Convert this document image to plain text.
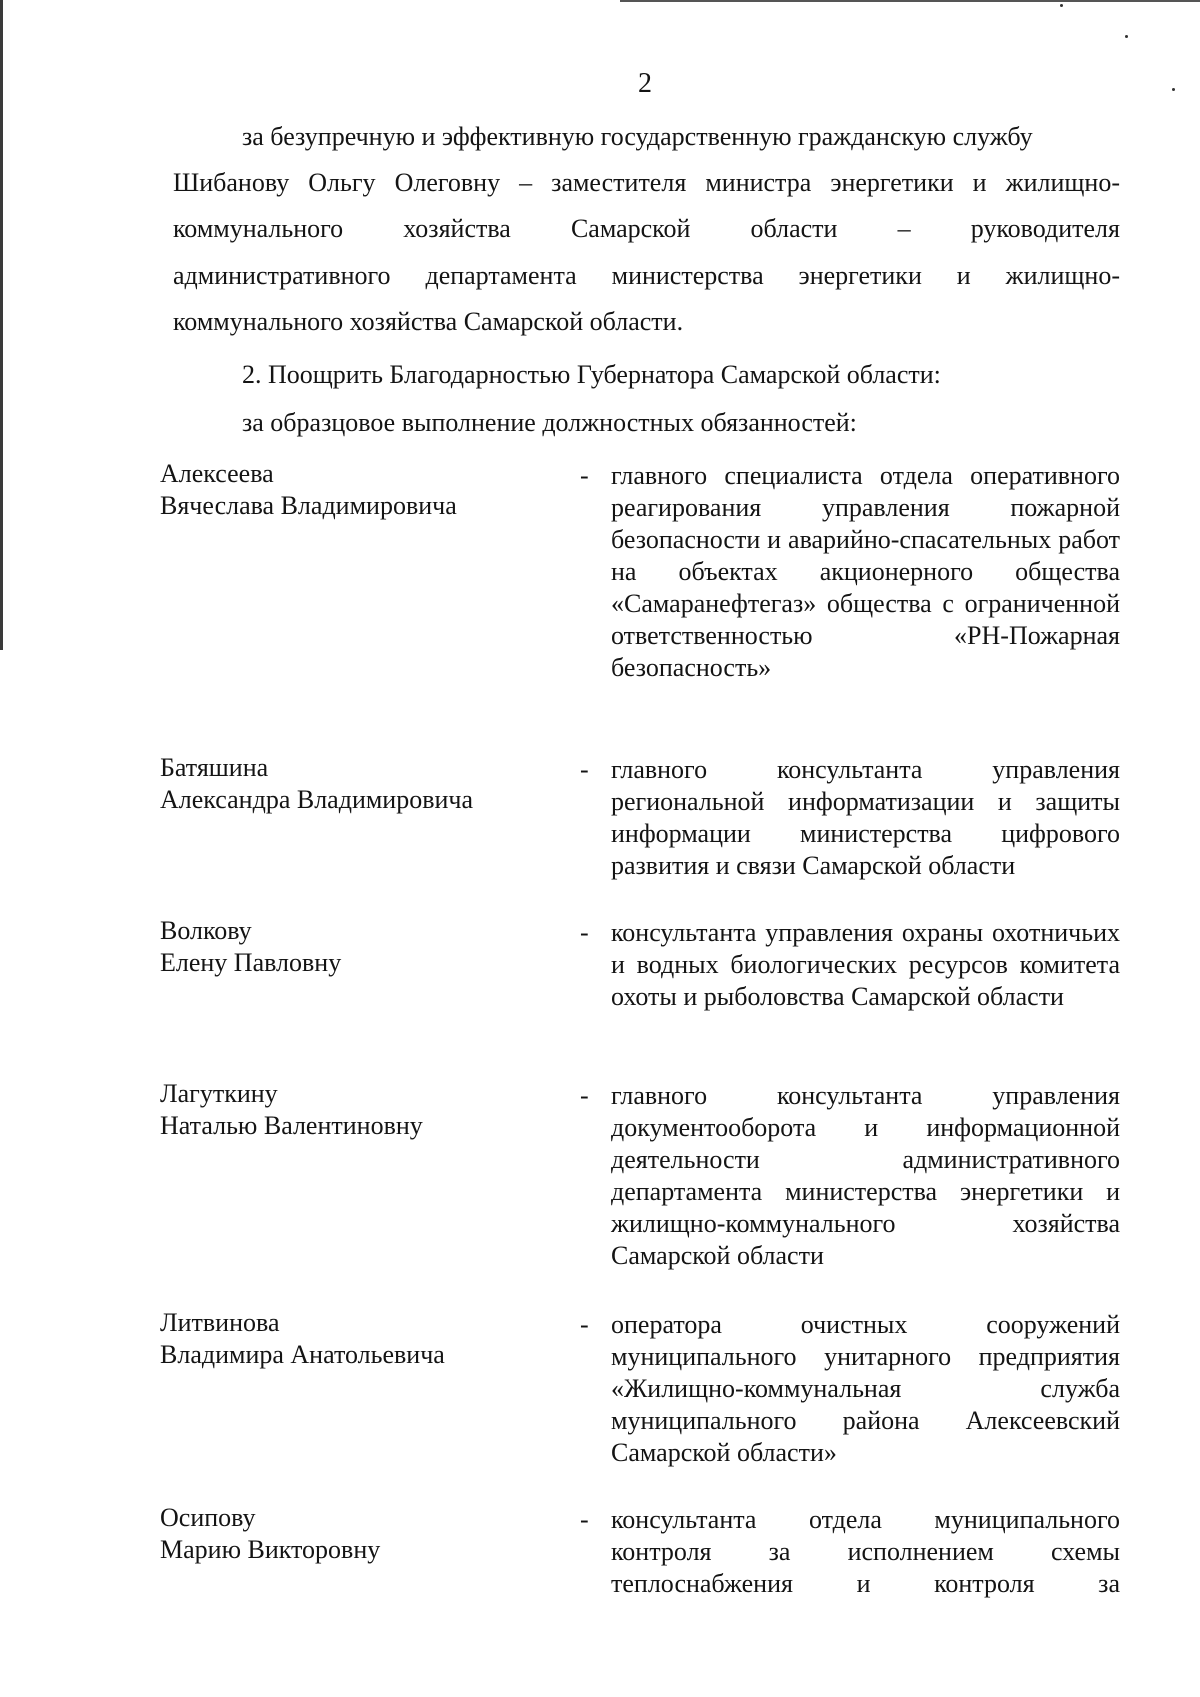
2

за безупречную и эффективную государственную гражданскую службу

Шибанову Ольгу Олеговну – заместителя министра энергетики и жилищно-

коммунального хозяйства Самарской области – руководителя

административного департамента министерства энергетики и жилищно-

коммунального хозяйства Самарской области.

2. Поощрить Благодарностью Губернатора Самарской области:

за образцовое выполнение должностных обязанностей:

Алексеева
Вячеслава Владимировича
- главного специалиста отдела оперативного реагирования управления пожарной безопасности и аварийно-спасательных работ на объектах акционерного общества «Самаранефтегаз» общества с ограниченной ответственностью «РН-Пожарная безопасность»
Батяшина
Александра Владимировича
- главного консультанта управления региональной информатизации и защиты информации министерства цифрового развития и связи Самарской области
Волкову
Елену Павловну
- консультанта управления охраны охотничьих и водных биологических ресурсов комитета охоты и рыболовства Самарской области
Лагуткину
Наталью Валентиновну
- главного консультанта управления документооборота и информационной деятельности административного департамента министерства энергетики и жилищно-коммунального хозяйства Самарской области
Литвинова
Владимира Анатольевича
- оператора очистных сооружений муниципального унитарного предприятия «Жилищно-коммунальная служба муниципального района Алексеевский Самарской области»
Осипову
Марию Викторовну
- консультанта отдела муниципального контроля за исполнением схемы теплоснабжения и контроля за
